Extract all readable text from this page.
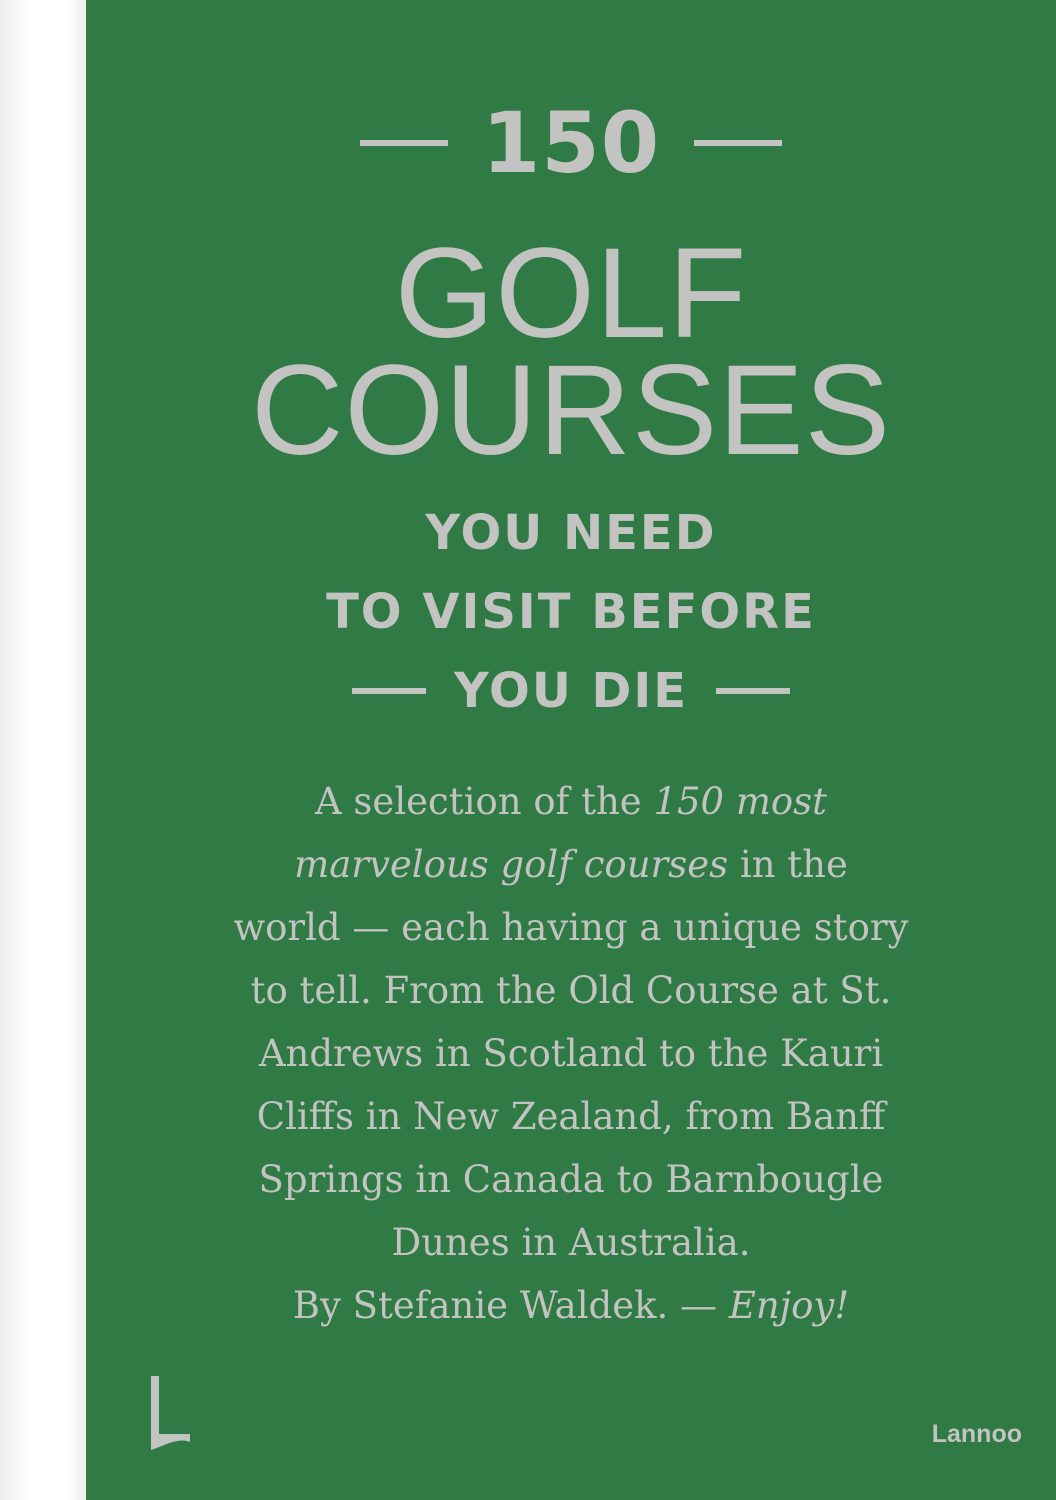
150
GOLF
COURSES
YOU NEED
TO VISIT BEFORE
YOU DIE
A selection of the 150 most
marvelous golf courses in the
world — each having a unique story
to tell. From the Old Course at St.
Andrews in Scotland to the Kauri
Cliffs in New Zealand, from Banff
Springs in Canada to Barnbougle
Dunes in Australia.
By Stefanie Waldek. — Enjoy!
Lannoo
